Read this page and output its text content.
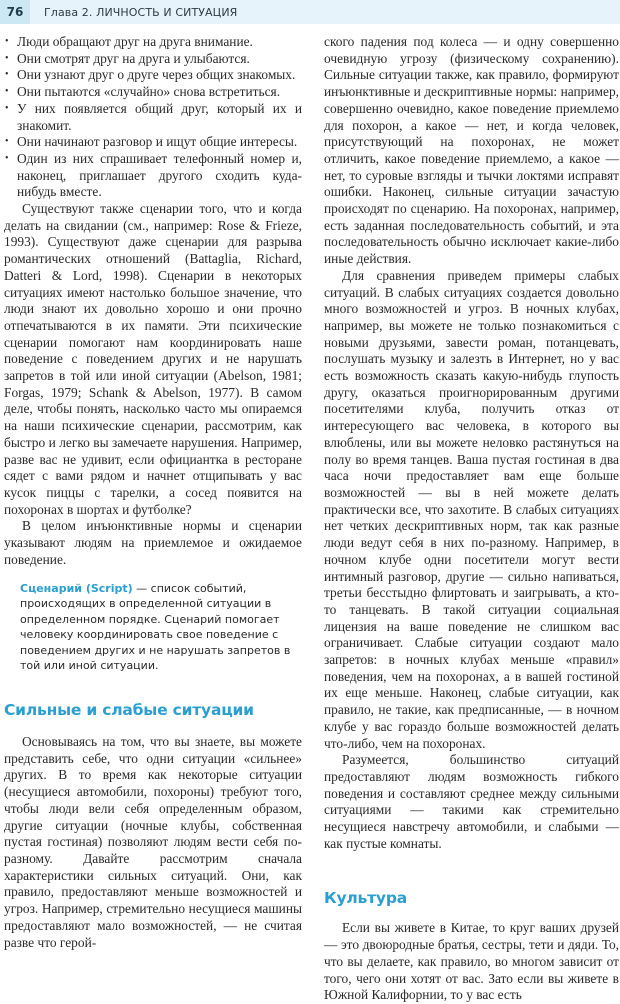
76	Глава 2. ЛИЧНОСТЬ И СИТУАЦИЯ
• Люди обращают друг на друга внимание.
• Они смотрят друг на друга и улыбаются.
• Они узнают друг о друге через общих знакомых.
• Они пытаются «случайно» снова встретиться.
• У них появляется общий друг, который их и знакомит.
• Они начинают разговор и ищут общие интересы.
• Один из них спрашивает телефонный номер и, наконец, приглашает другого сходить куда-нибудь вместе.

Существуют также сценарии того, что и когда делать на свидании (см., например: Rose & Frieze, 1993). Существуют даже сценарии для разрыва романтических отношений (Battaglia, Richard, Datteri & Lord, 1998). Сценарии в некоторых ситуациях имеют настолько большое значение, что люди знают их довольно хорошо и они прочно отпечатываются в их памяти. Эти психические сценарии помогают нам координировать наше поведение с поведением других и не нарушать запретов в той или иной ситуации (Abelson, 1981; Forgas, 1979; Schank & Abelson, 1977). В самом деле, чтобы понять, насколько часто мы опираемся на наши психические сценарии, рассмотрим, как быстро и легко вы замечаете нарушения. Например, разве вас не удивит, если официантка в ресторане сядет с вами рядом и начнет отщипывать у вас кусок пиццы с тарелки, а сосед появится на похоронах в шортах и футболке?

В целом инъюнктивные нормы и сценарии указывают людям на приемлемое и ожидаемое поведение.

Сценарий (Script) — список событий, происходящих в определенной ситуации в определенном порядке. Сценарий помогает человеку координировать свое поведение с поведением других и не нарушать запретов в той или иной ситуации.
Сильные и слабые ситуации

Основываясь на том, что вы знаете, вы можете представить себе, что одни ситуации «сильнее» других. В то время как некоторые ситуации (несущиеся автомобили, похороны) требуют того, чтобы люди вели себя определенным образом, другие ситуации (ночные клубы, собственная пустая гостиная) позволяют людям вести себя по-разному. Давайте рассмотрим сначала характеристики сильных ситуаций. Они, как правило, предоставляют меньше возможностей и угроз. Например, стремительно несущиеся машины предоставляют мало возможностей, — не считая разве что герой-

ского падения под колеса — и одну совершенно очевидную угрозу (физическому сохранению). Сильные ситуации также, как правило, формируют инъюнктивные и дескриптивные нормы: например, совершенно очевидно, какое поведение приемлемо для похорон, а какое — нет, и когда человек, присутствующий на похоронах, не может отличить, какое поведение приемлемо, а какое — нет, то суровые взгляды и тычки локтями исправят ошибки. Наконец, сильные ситуации зачастую происходят по сценарию. На похоронах, например, есть заданная последовательность событий, и эта последовательность обычно исключает какие-либо иные действия.

Для сравнения приведем примеры слабых ситуаций. В слабых ситуациях создается довольно много возможностей и угроз. В ночных клубах, например, вы можете не только познакомиться с новыми друзьями, завести роман, потанцевать, послушать музыку и залезть в Интернет, но у вас есть возможность сказать какую-нибудь глупость другу, оказаться проигнорированным другими посетителями клуба, получить отказ от интересующего вас человека, в которого вы влюблены, или вы можете неловко растянуться на полу во время танцев. Ваша пустая гостиная в два часа ночи предоставляет вам еще больше возможностей — вы в ней можете делать практически все, что захотите. В слабых ситуациях нет четких дескриптивных норм, так как разные люди ведут себя в них по-разному. Например, в ночном клубе одни посетители могут вести интимный разговор, другие — сильно напиваться, третьи бесстыдно флиртовать и заигрывать, а кто-то танцевать. В такой ситуации социальная лицензия на ваше поведение не слишком вас ограничивает. Слабые ситуации создают мало запретов: в ночных клубах меньше «правил» поведения, чем на похоронах, а в вашей гостиной их еще меньше. Наконец, слабые ситуации, как правило, не такие, как предписанные, — в ночном клубе у вас гораздо больше возможностей делать что-либо, чем на похоронах.

Разумеется, большинство ситуаций предоставляют людям возможность гибкого поведения и составляют среднее между сильными ситуациями — такими как стремительно несущиеся навстречу автомобили, и слабыми — как пустые комнаты.

Культура

Если вы живете в Китае, то круг ваших друзей — это двоюродные братья, сестры, тети и дяди. То, что вы делаете, как правило, во многом зависит от того, чего они хотят от вас. Зато если вы живете в Южной Калифорнии, то у вас есть
